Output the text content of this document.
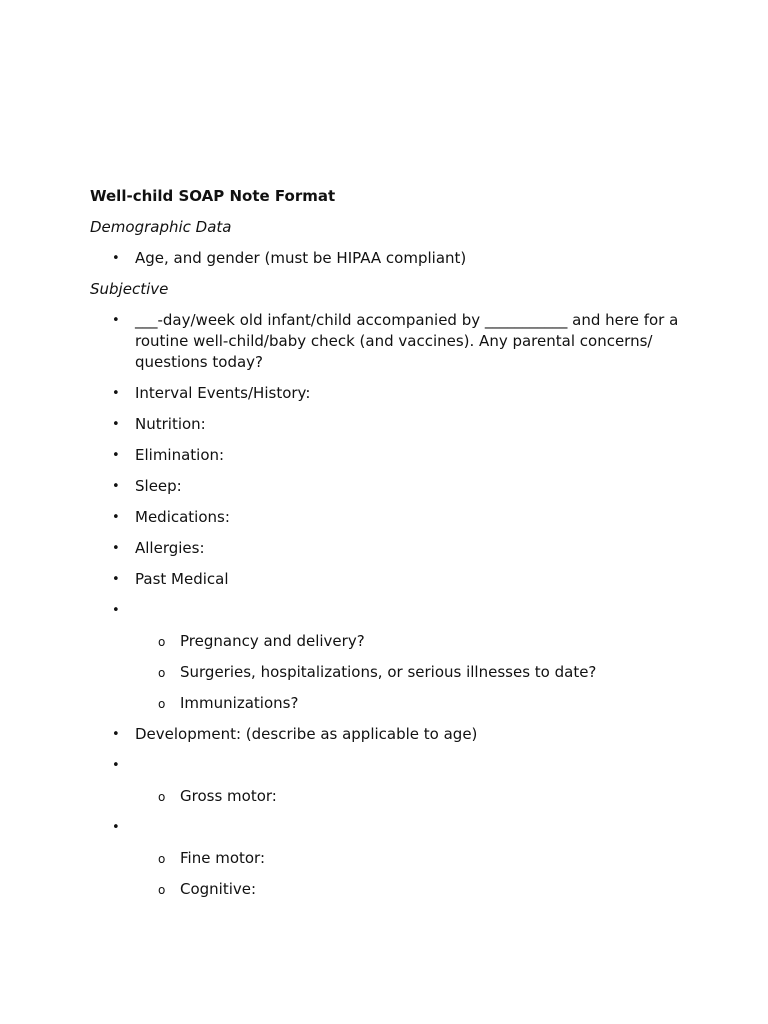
Well-child SOAP Note Format
Demographic Data
• Age, and gender (must be HIPAA compliant)
Subjective
• ___-day/week old infant/child accompanied by ___________ and here for a routine well-child/baby check (and vaccines). Any parental concerns/ questions today?
• Interval Events/History:
• Nutrition:
• Elimination:
• Sleep:
• Medications:
• Allergies:
• Past Medical
•
o Pregnancy and delivery?
o Surgeries, hospitalizations, or serious illnesses to date?
o Immunizations?
• Development: (describe as applicable to age)
•
o Gross motor:
•
o Fine motor:
o Cognitive:
